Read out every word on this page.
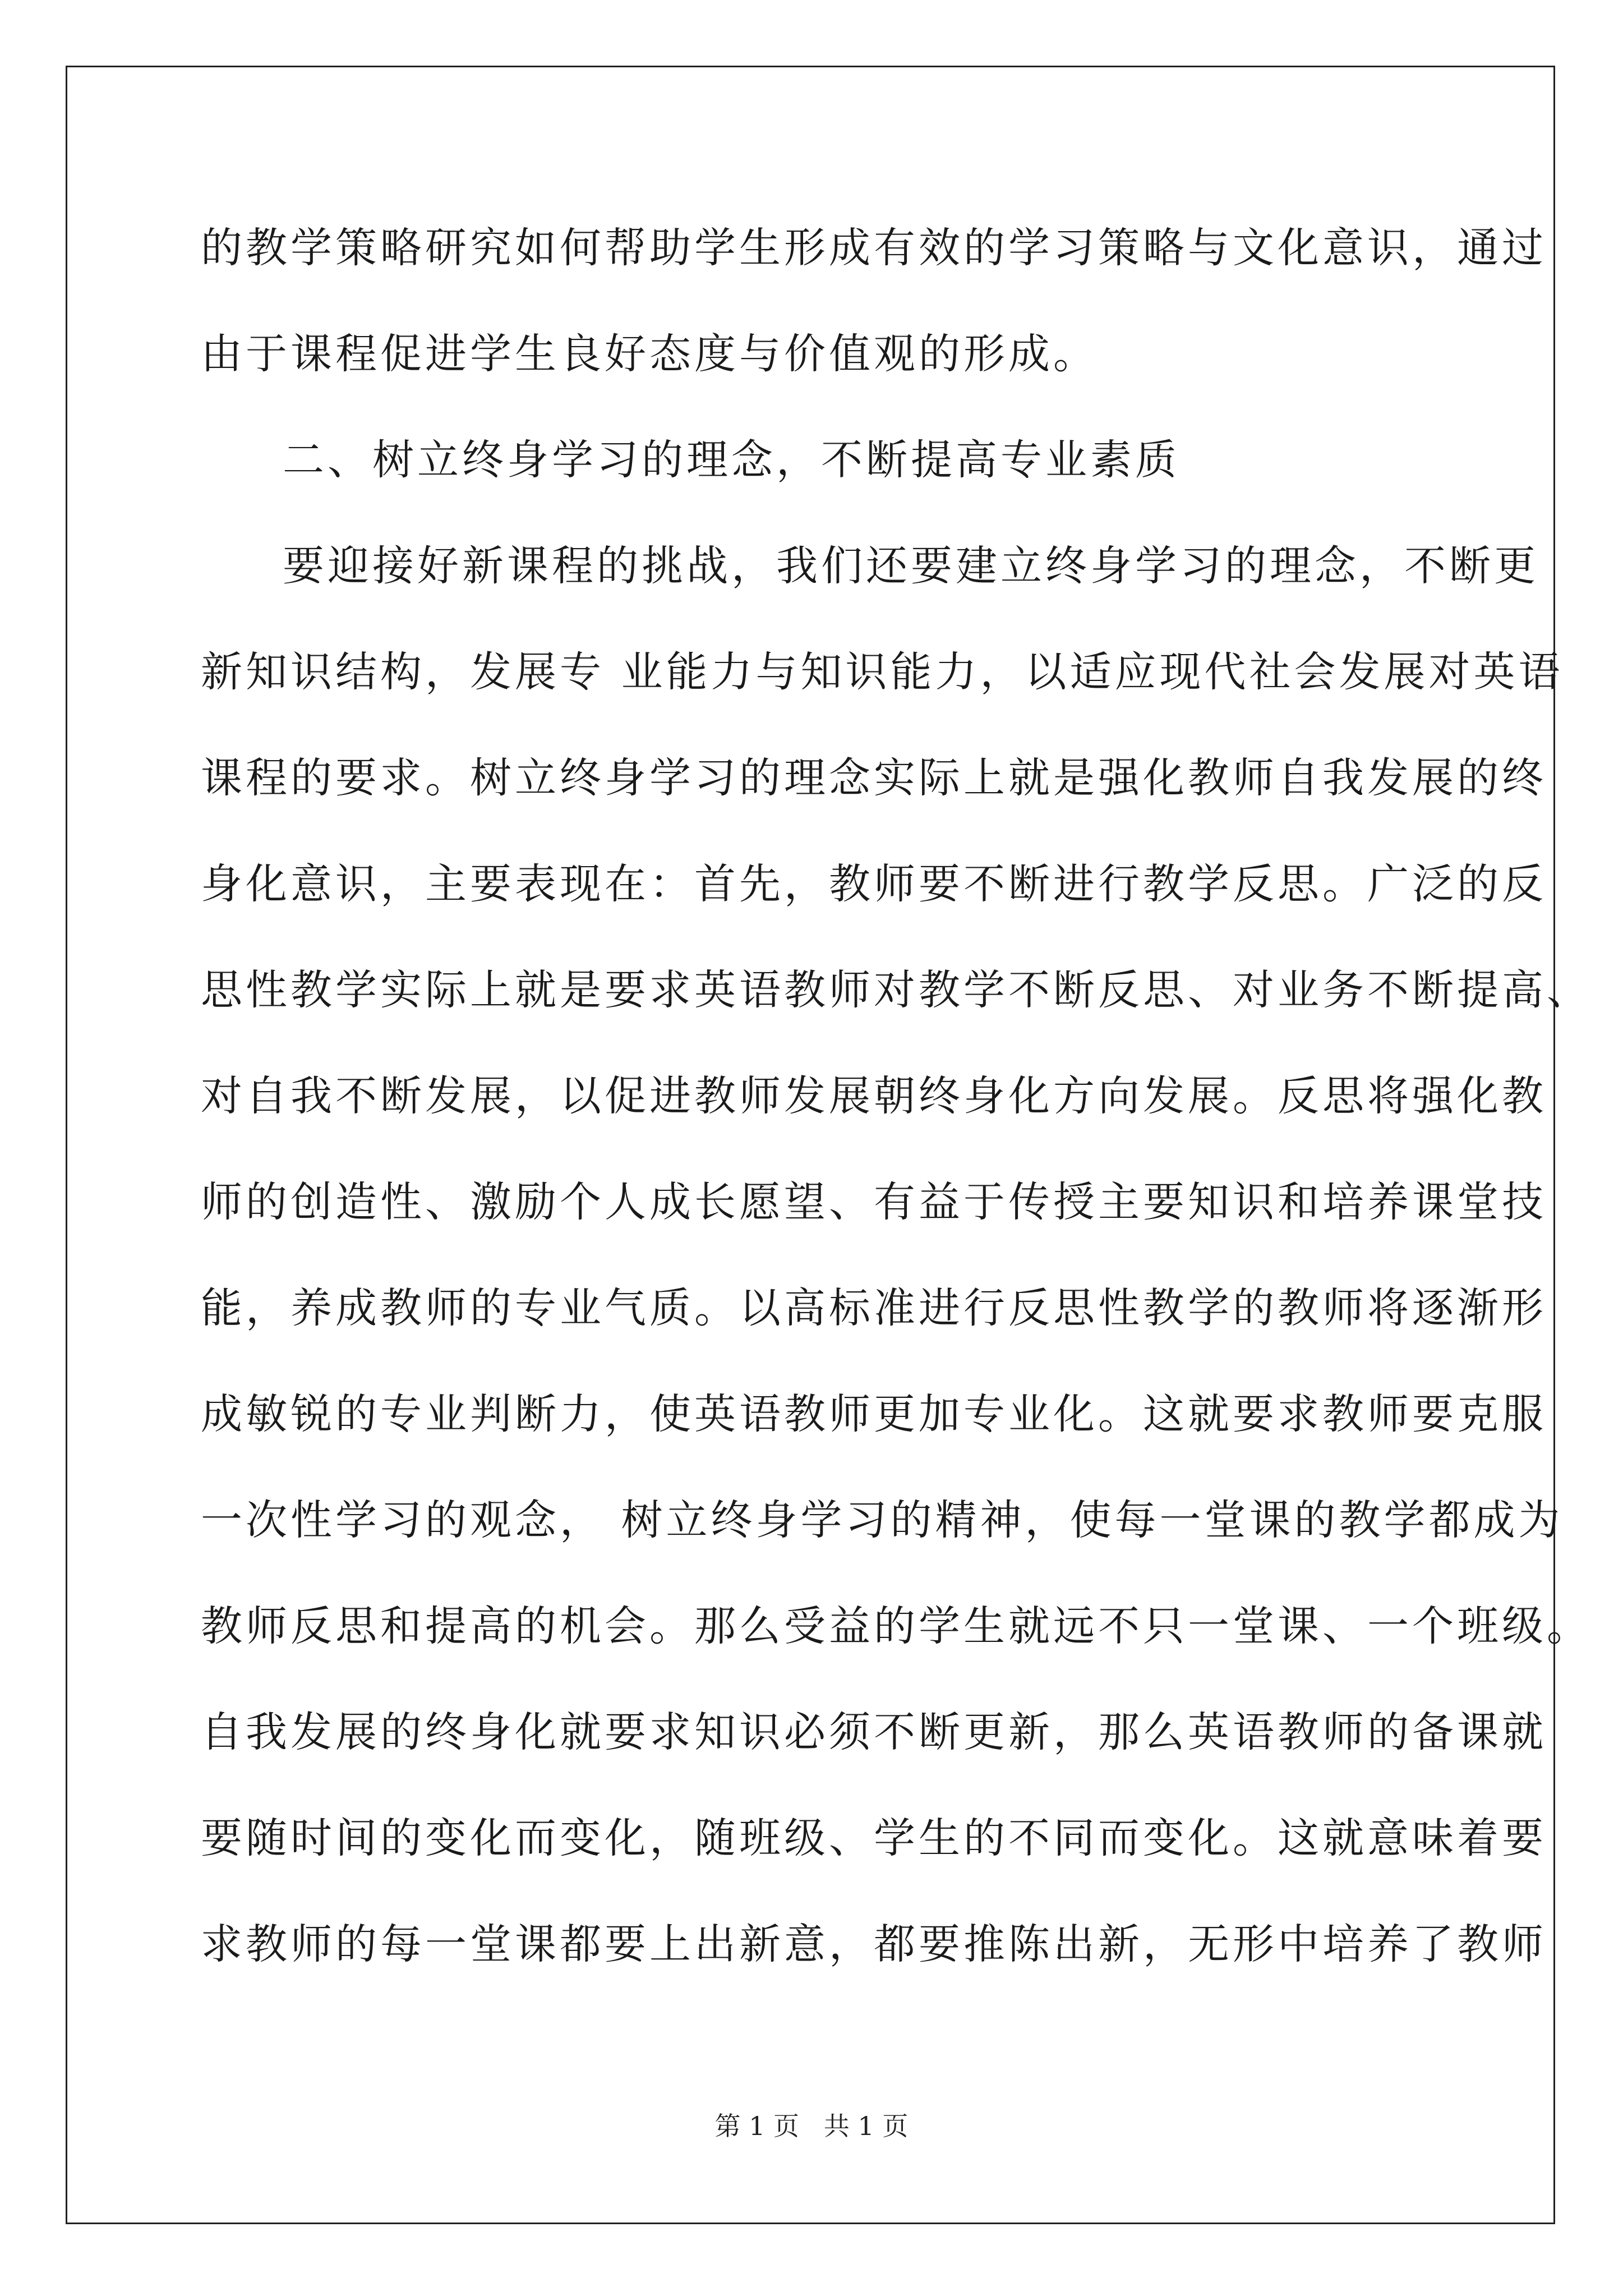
的教学策略研究如何帮助学生形成有效的学习策略与文化意识，通过
由于课程促进学生良好态度与价值观的形成。
二、树立终身学习的理念，不断提高专业素质
要迎接好新课程的挑战，我们还要建立终身学习的理念，不断更
新知识结构，发展专 业能力与知识能力，以适应现代社会发展对英语
课程的要求。树立终身学习的理念实际上就是强化教师自我发展的终
身化意识，主要表现在：首先，教师要不断进行教学反思。广泛的反
思性教学实际上就是要求英语教师对教学不断反思、对业务不断提高、
对自我不断发展，以促进教师发展朝终身化方向发展。反思将强化教
师的创造性、激励个人成长愿望、有益于传授主要知识和培养课堂技
能，养成教师的专业气质。以高标准进行反思性教学的教师将逐渐形
成敏锐的专业判断力，使英语教师更加专业化。这就要求教师要克服
一次性学习的观念， 树立终身学习的精神，使每一堂课的教学都成为
教师反思和提高的机会。那么受益的学生就远不只一堂课、一个班级。
自我发展的终身化就要求知识必须不断更新，那么英语教师的备课就
要随时间的变化而变化，随班级、学生的不同而变化。这就意味着要
求教师的每一堂课都要上出新意，都要推陈出新，无形中培养了教师
第 1 页   共 1 页
